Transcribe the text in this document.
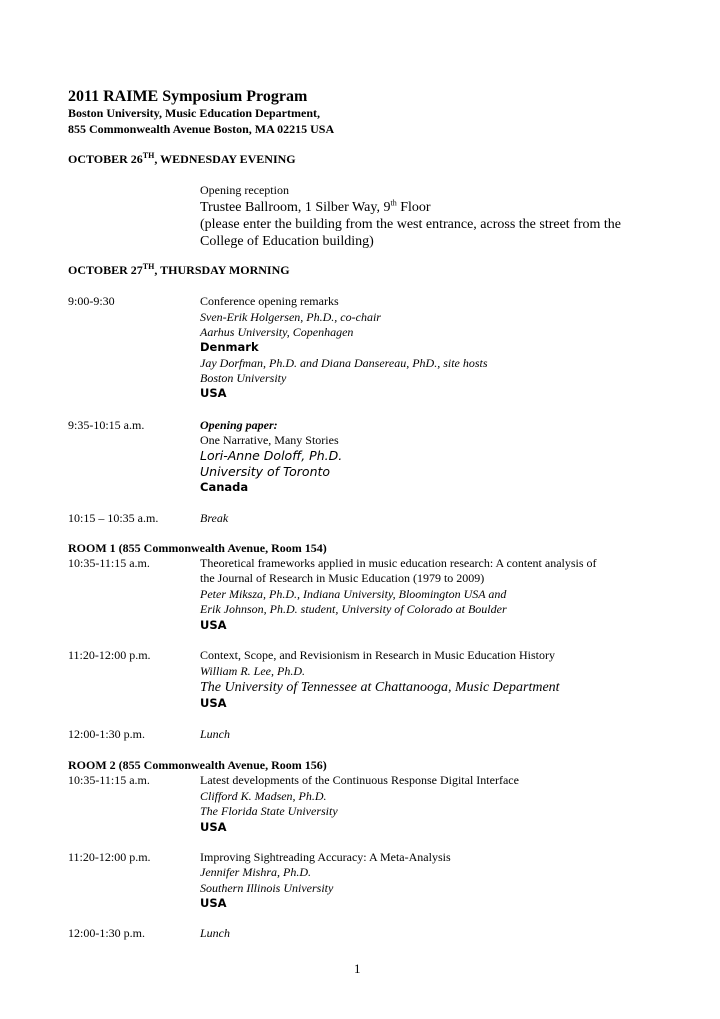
2011 RAIME Symposium Program
Boston University, Music Education Department,
855 Commonwealth Avenue Boston, MA 02215 USA
OCTOBER 26TH, WEDNESDAY EVENING
Opening reception
Trustee Ballroom, 1 Silber Way, 9th Floor
(please enter the building from the west entrance, across the street from the
College of Education building)
OCTOBER 27TH, THURSDAY MORNING
9:00-9:30	Conference opening remarks
Sven-Erik Holgersen, Ph.D., co-chair
Aarhus University, Copenhagen
Denmark
Jay Dorfman, Ph.D. and Diana Dansereau, PhD., site hosts
Boston University
USA
9:35-10:15 a.m.	Opening paper:
One Narrative, Many Stories
Lori-Anne Doloff, Ph.D.
University of Toronto
Canada
10:15 – 10:35 a.m.	Break
ROOM 1 (855 Commonwealth Avenue, Room 154)
10:35-11:15 a.m.	Theoretical frameworks applied in music education research: A content analysis of
the Journal of Research in Music Education (1979 to 2009)
Peter Miksza, Ph.D., Indiana University, Bloomington USA and
Erik Johnson, Ph.D. student, University of Colorado at Boulder
USA
11:20-12:00 p.m.	Context, Scope, and Revisionism in Research in Music Education History
William R. Lee, Ph.D.
The University of Tennessee at Chattanooga, Music Department
USA
12:00-1:30 p.m.	Lunch
ROOM 2 (855 Commonwealth Avenue, Room 156)
10:35-11:15 a.m.	Latest developments of the Continuous Response Digital Interface
Clifford K. Madsen, Ph.D.
The Florida State University
USA
11:20-12:00 p.m.	Improving Sightreading Accuracy: A Meta-Analysis
Jennifer Mishra, Ph.D.
Southern Illinois University
USA
12:00-1:30 p.m.	Lunch
1
